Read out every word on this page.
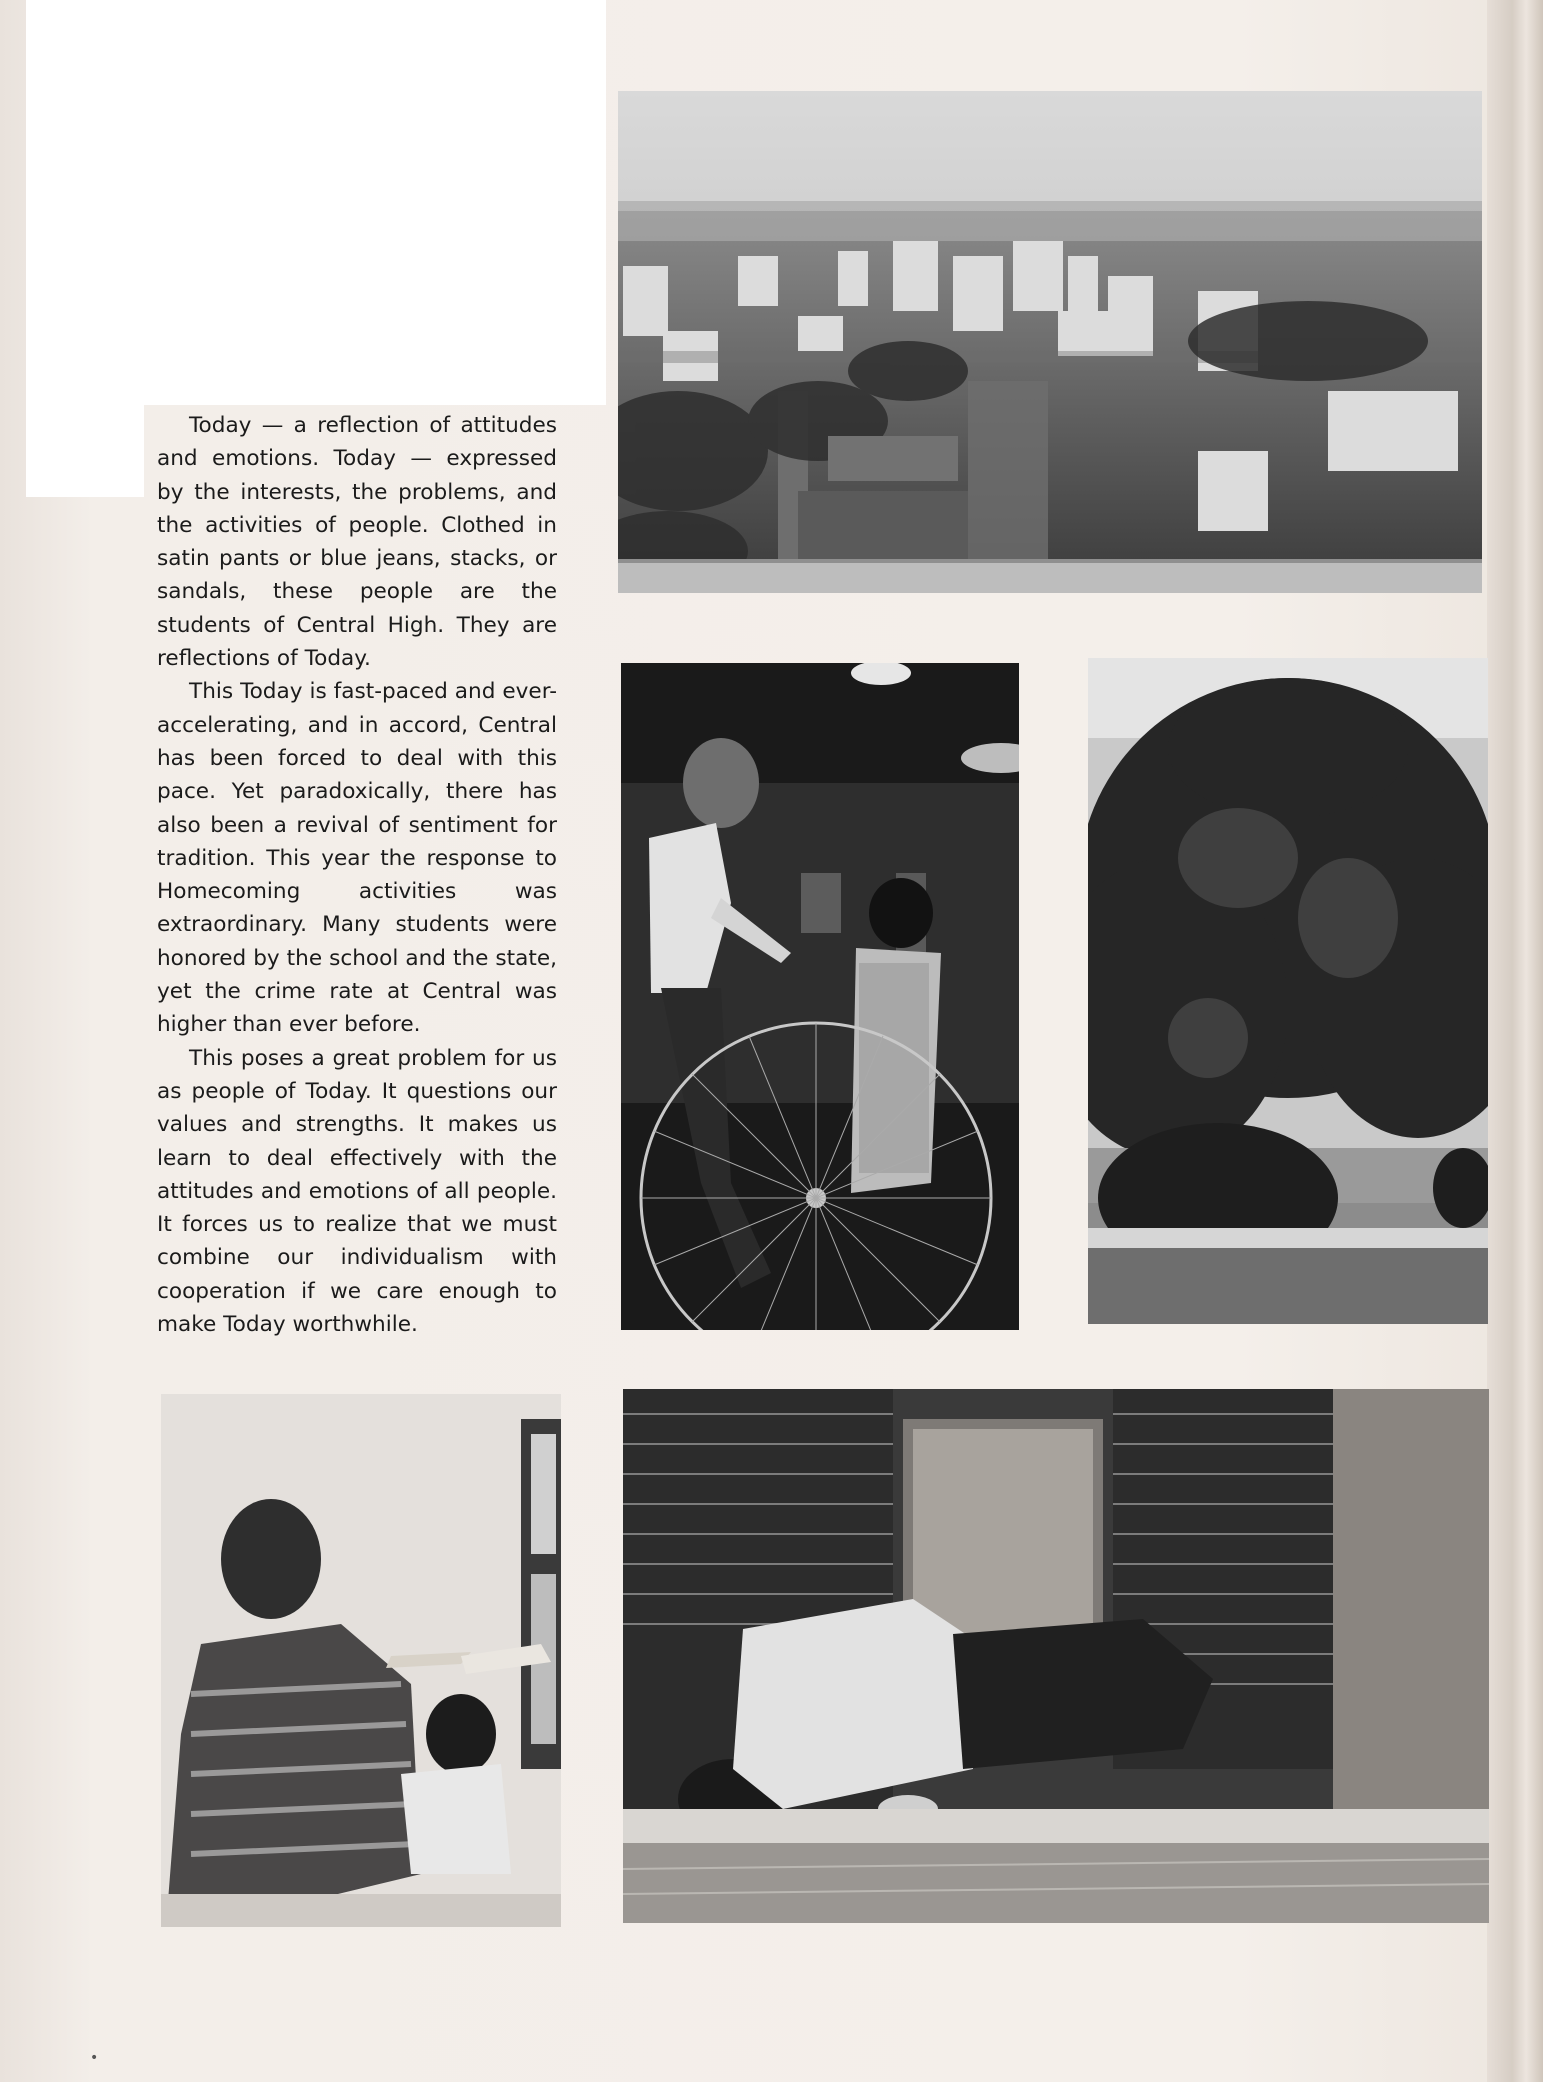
Today — a reflection of attitudes and emotions. Today — expressed by the interests, the problems, and the activities of people. Clothed in satin pants or blue jeans, stacks, or sandals, these people are the students of Central High. They are reflections of Today.

This Today is fast-paced and ever-accelerating, and in accord, Central has been forced to deal with this pace. Yet paradoxically, there has also been a revival of sentiment for tradition. This year the response to Homecoming activities was extraordinary. Many students were honored by the school and the state, yet the crime rate at Central was higher than ever before.

This poses a great problem for us as people of Today. It questions our values and strengths. It makes us learn to deal effectively with the attitudes and emotions of all people. It forces us to realize that we must combine our individualism with cooperation if we care enough to make Today worthwhile.

•
